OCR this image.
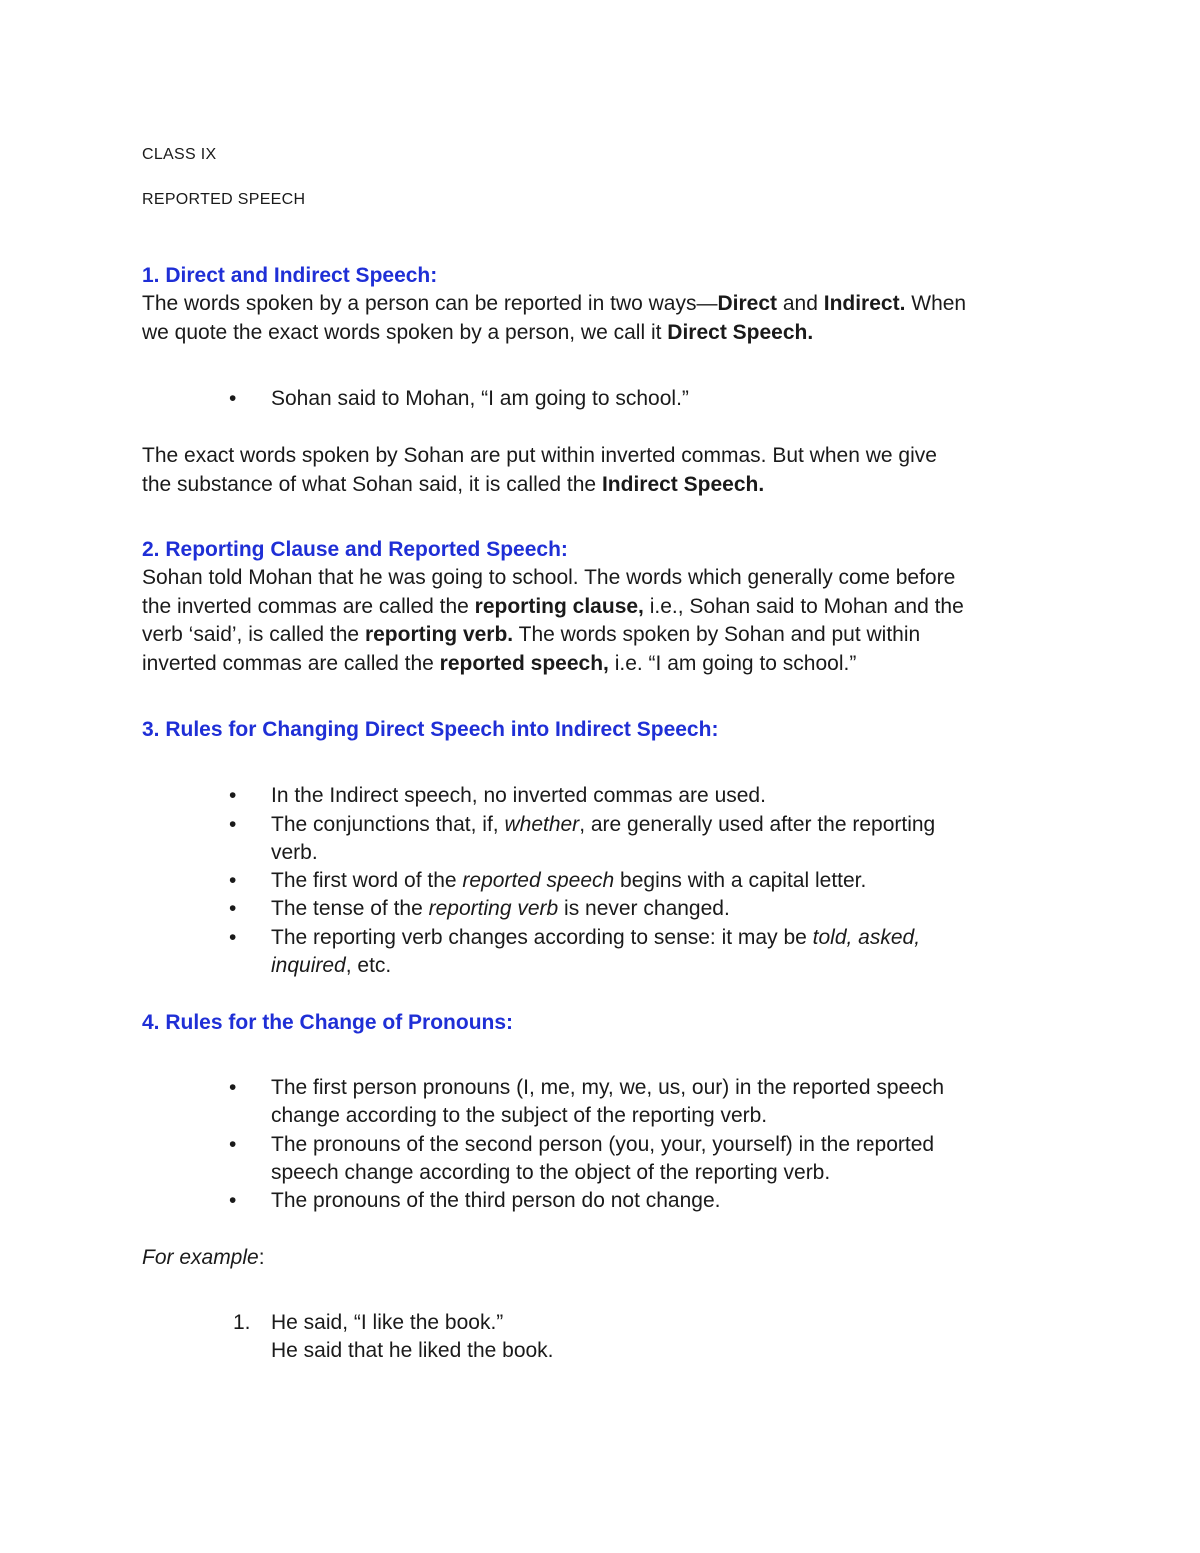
CLASS IX
REPORTED SPEECH
1. Direct and Indirect Speech:
The words spoken by a person can be reported in two ways—Direct and Indirect. When
we quote the exact words spoken by a person, we call it Direct Speech.
• Sohan said to Mohan, “I am going to school.”
The exact words spoken by Sohan are put within inverted commas. But when we give
the substance of what Sohan said, it is called the Indirect Speech.
2. Reporting Clause and Reported Speech:
Sohan told Mohan that he was going to school. The words which generally come before
the inverted commas are called the reporting clause, i.e., Sohan said to Mohan and the
verb ‘said’, is called the reporting verb. The words spoken by Sohan and put within
inverted commas are called the reported speech, i.e. “I am going to school.”
3. Rules for Changing Direct Speech into Indirect Speech:
• In the Indirect speech, no inverted commas are used.
• The conjunctions that, if, whether, are generally used after the reporting
verb.
• The first word of the reported speech begins with a capital letter.
• The tense of the reporting verb is never changed.
• The reporting verb changes according to sense: it may be told, asked,
inquired, etc.
4. Rules for the Change of Pronouns:
• The first person pronouns (I, me, my, we, us, our) in the reported speech
change according to the subject of the reporting verb.
• The pronouns of the second person (you, your, yourself) in the reported
speech change according to the object of the reporting verb.
• The pronouns of the third person do not change.
For example:
1. He said, “I like the book.”
He said that he liked the book.
